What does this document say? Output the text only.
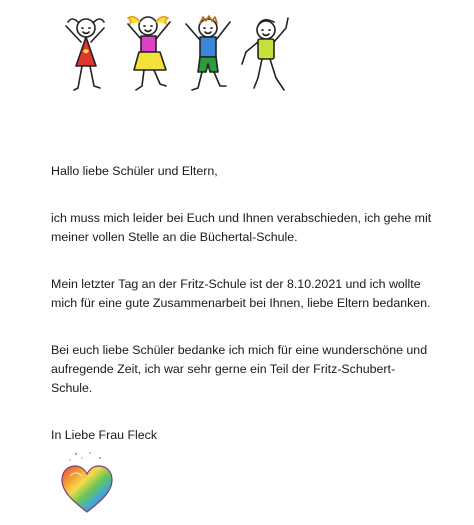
Hallo liebe Schüler und Eltern,

ich muss mich leider bei Euch und Ihnen verabschieden, ich gehe mit
meiner vollen Stelle an die Büchertal-Schule.

Mein letzter Tag an der Fritz-Schule ist der 8.10.2021 und ich wollte
mich für eine gute Zusammenarbeit bei Ihnen, liebe Eltern bedanken.

Bei euch liebe Schüler bedanke ich mich für eine wunderschöne und
aufregende Zeit, ich war sehr gerne ein Teil der Fritz-Schubert-
Schule.

In Liebe Frau Fleck
